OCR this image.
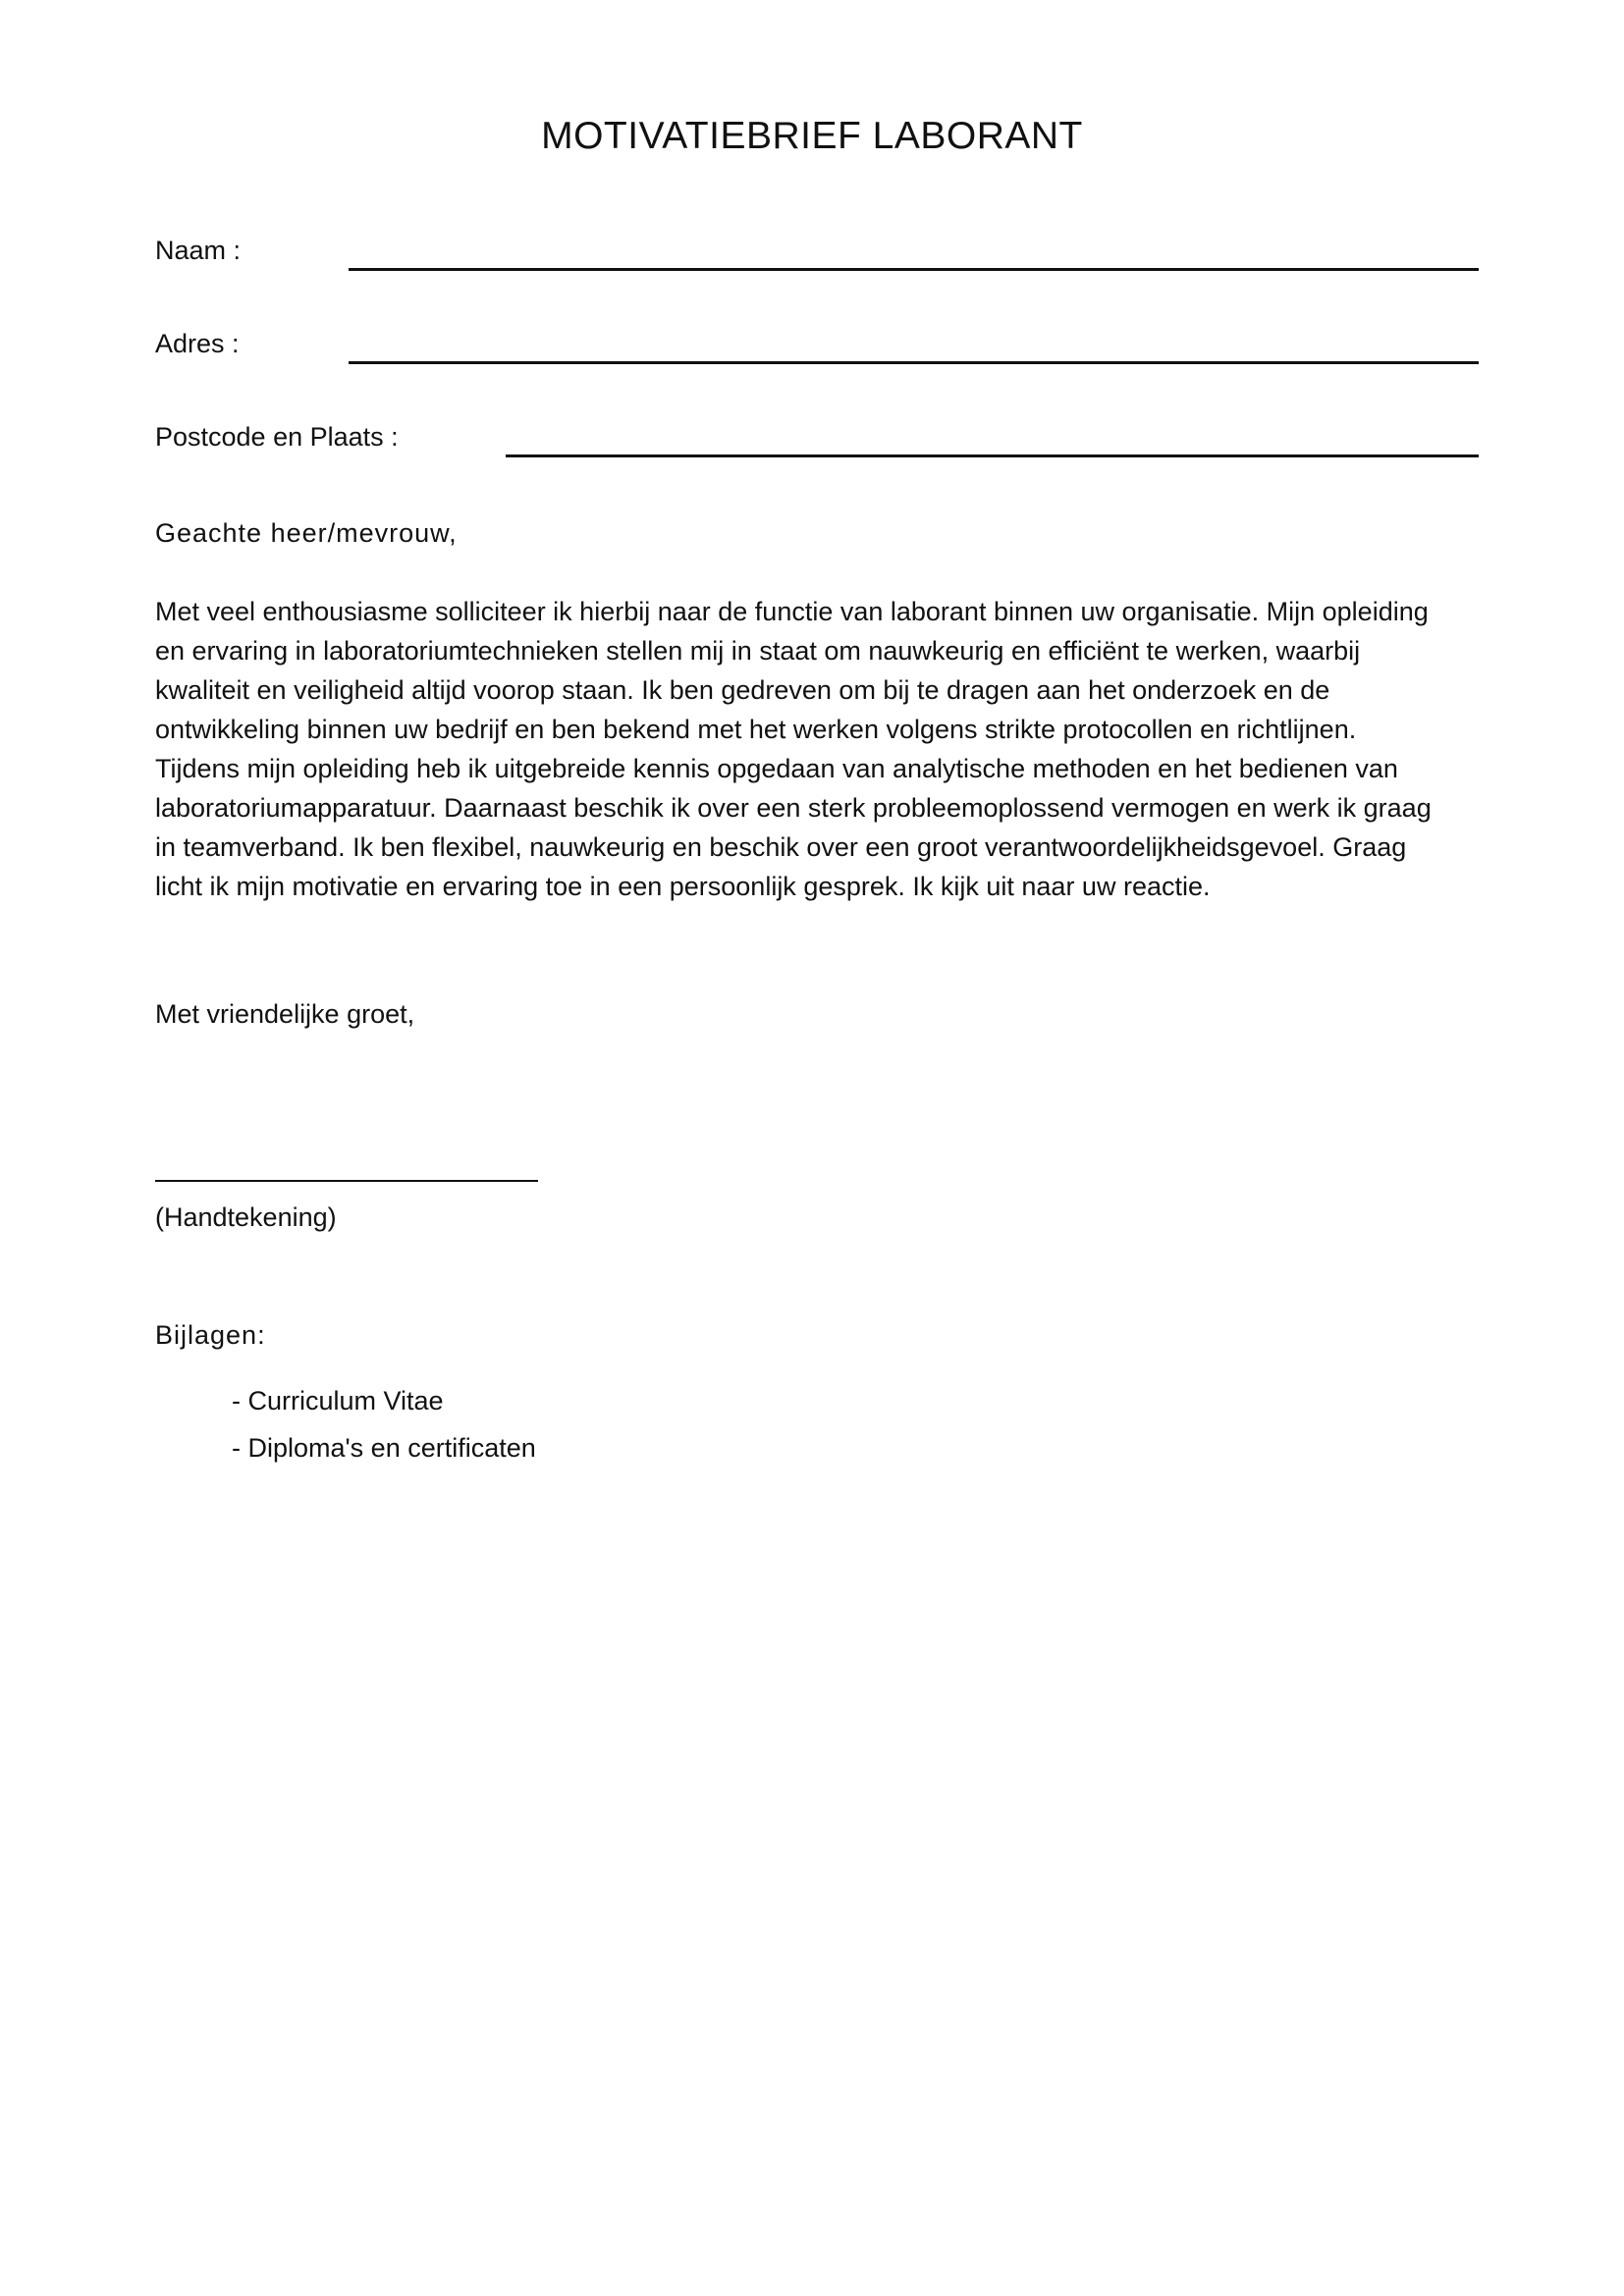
MOTIVATIEBRIEF LABORANT
Naam :
Adres :
Postcode en Plaats :
Geachte heer/mevrouw,
Met veel enthousiasme solliciteer ik hierbij naar de functie van laborant binnen uw organisatie. Mijn opleiding
en ervaring in laboratoriumtechnieken stellen mij in staat om nauwkeurig en efficiënt te werken, waarbij
kwaliteit en veiligheid altijd voorop staan. Ik ben gedreven om bij te dragen aan het onderzoek en de
ontwikkeling binnen uw bedrijf en ben bekend met het werken volgens strikte protocollen en richtlijnen.
Tijdens mijn opleiding heb ik uitgebreide kennis opgedaan van analytische methoden en het bedienen van
laboratoriumapparatuur. Daarnaast beschik ik over een sterk probleemoplossend vermogen en werk ik graag
in teamverband. Ik ben flexibel, nauwkeurig en beschik over een groot verantwoordelijkheidsgevoel. Graag
licht ik mijn motivatie en ervaring toe in een persoonlijk gesprek. Ik kijk uit naar uw reactie.
Met vriendelijke groet,
(Handtekening)
Bijlagen:
- Curriculum Vitae
- Diploma's en certificaten
